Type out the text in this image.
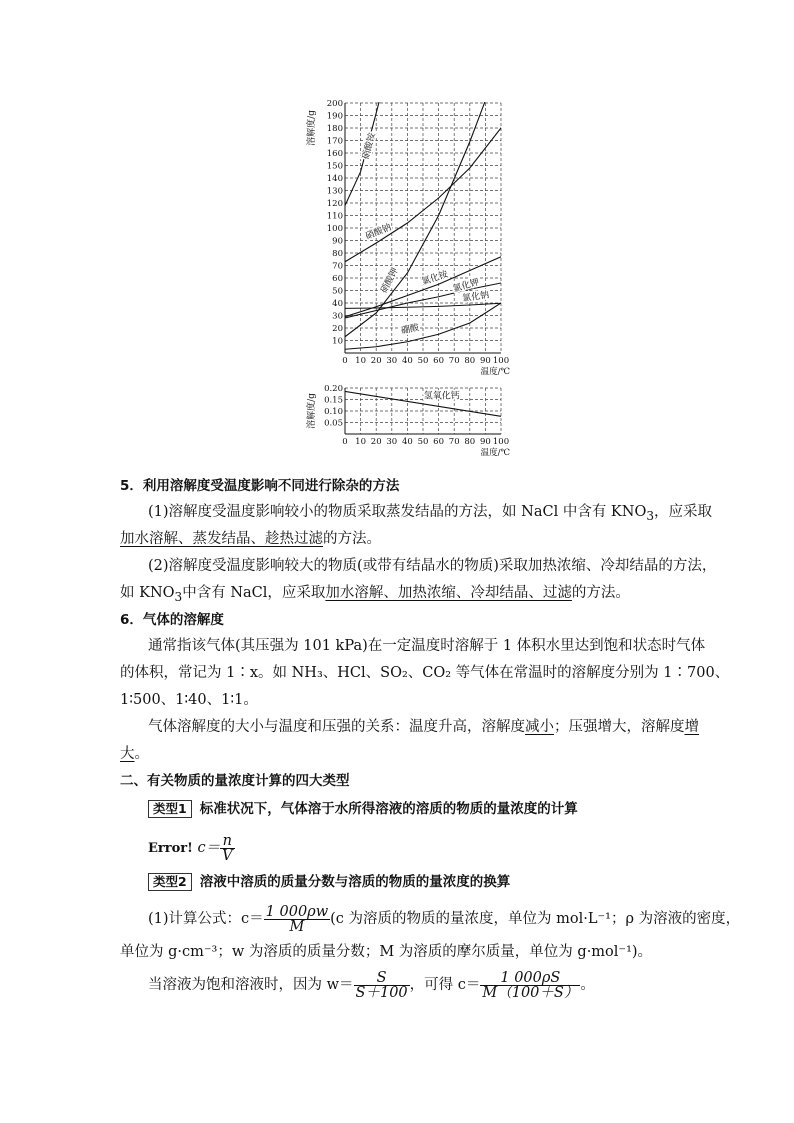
0 10 20 30 40 50 60 70 80 90 100
10
20
30
40
50
60
70
80
90
100
110
120
130
140
150
160
170
180
190
200
温度/℃
溶解度/g
硝酸铵
硝酸钠
硝酸钾 氯化铵 氯化钾
氯化钠
硼酸
0 10 20 30 40 50 60 70 80 90 100
0.05
0.10
0.15
0.20
温度/℃
溶解度/g	氢氧化钙
5．利用溶解度受温度影响不同进行除杂的方法
(1)溶解度受温度影响较小的物质采取蒸发结晶的方法，如 NaCl 中含有 $KNO_3$，应采取
加水溶解、蒸发结晶、趁热过滤的方法。
(2)溶解度受温度影响较大的物质(或带有结晶水的物质)采取加热浓缩、冷却结晶的方法，
如 $KNO_3$中含有 NaCl，应采取加水溶解、加热浓缩、冷却结晶、过滤的方法。
6．气体的溶解度
通常指该气体(其压强为 101 kPa)在一定温度时溶解于 1 体积水里达到饱和状态时气体
的体积，常记为 1∶x。如 NH₃、HCl、SO₂、CO₂ 等气体在常温时的溶解度分别为 1∶700、
1∶500、1∶40、1∶1。
气体溶解度的大小与温度和压强的关系：温度升高，溶解度减小；压强增大，溶解度增
大。
二、有关物质的量浓度计算的四大类型
类型1 标准状况下，气体溶于水所得溶液的溶质的物质的量浓度的计算
Error! $c= \frac{n}{V}$
类型2 溶液中溶质的质量分数与溶质的物质的量浓度的换算
(1)计算公式：$c= \frac{1 000\rho w}{M} (c$ 为溶质的物质的量浓度，单位为 mol·L⁻¹；ρ 为溶液的密度，
单位为 g·cm⁻³；w 为溶质的质量分数；M 为溶质的摩尔质量，单位为 g·mol⁻¹)。
当溶液为饱和溶液时，因为 $w= \frac{S}{S+100}$ ，可得 $c= \frac{1 000\rho S}{M(100+S)}$ 。
